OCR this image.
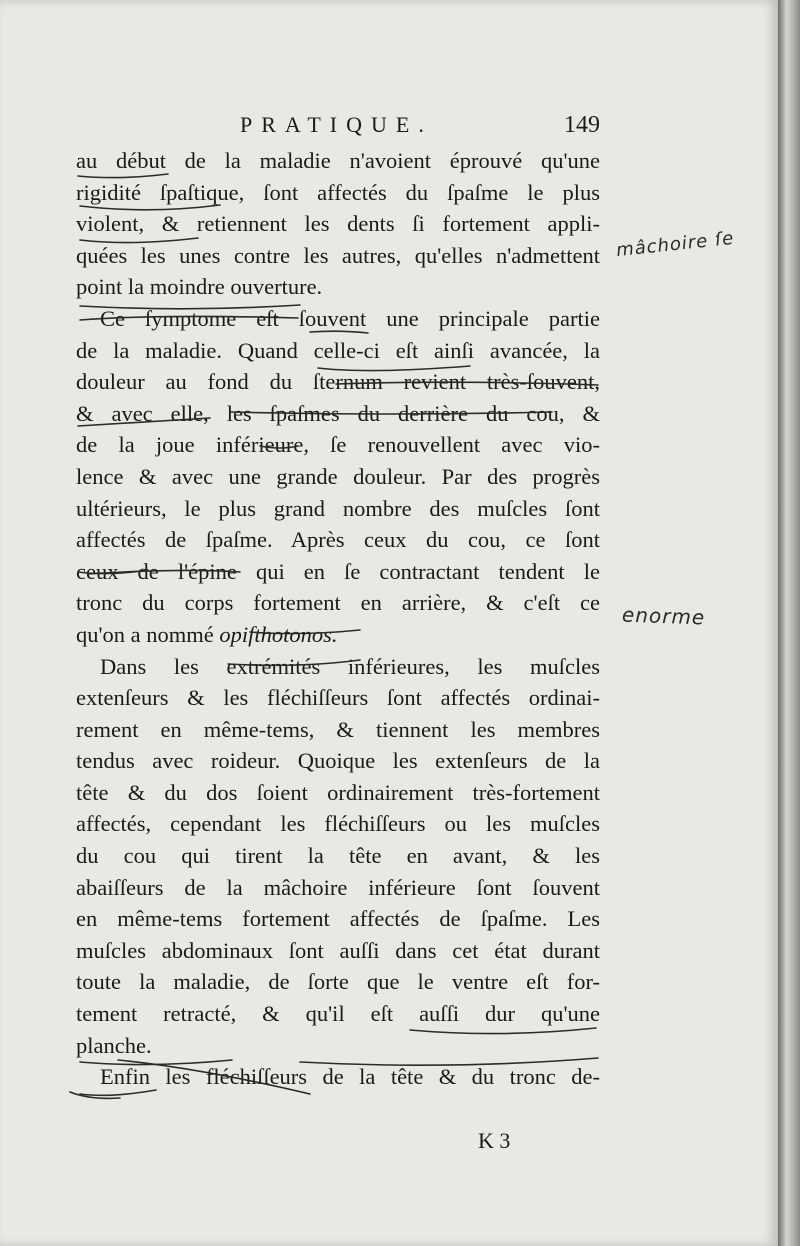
PRATIQUE.	149
au début de la maladie n'avoient éprouvé qu'une
rigidité ſpaſtique, ſont affectés du ſpaſme le plus
violent, & retiennent les dents ſi fortement appli-
quées les unes contre les autres, qu'elles n'admettent
point la moindre ouverture.
Ce ſymptome eſt ſouvent une principale partie
de la maladie. Quand celle-ci eſt ainſi avancée, la
douleur au fond du ſternum revient très-ſouvent,
& avec elle, les ſpaſmes du derrière du cou, &
de la joue inférieure, ſe renouvellent avec vio-
lence & avec une grande douleur. Par des progrès
ultérieurs, le plus grand nombre des muſcles ſont
affectés de ſpaſme. Après ceux du cou, ce ſont
ceux de l'épine qui en ſe contractant tendent le
tronc du corps fortement en arrière, & c'eſt ce
qu'on a nommé opiſthotonos.
Dans les extrémités inférieures, les muſcles
extenſeurs & les fléchiſſeurs ſont affectés ordinai-
rement en même-tems, & tiennent les membres
tendus avec roideur. Quoique les extenſeurs de la
tête & du dos ſoient ordinairement très-fortement
affectés, cependant les fléchiſſeurs ou les muſcles
du cou qui tirent la tête en avant, & les
abaiſſeurs de la mâchoire inférieure ſont ſouvent
en même-tems fortement affectés de ſpaſme. Les
muſcles abdominaux ſont auſſi dans cet état durant
toute la maladie, de ſorte que le ventre eſt for-
tement retracté, & qu'il eſt auſſi dur qu'une
planche.
Enfin les fléchiſſeurs de la tête & du tronc de-
K 3
mâchoire ſe
enorme
